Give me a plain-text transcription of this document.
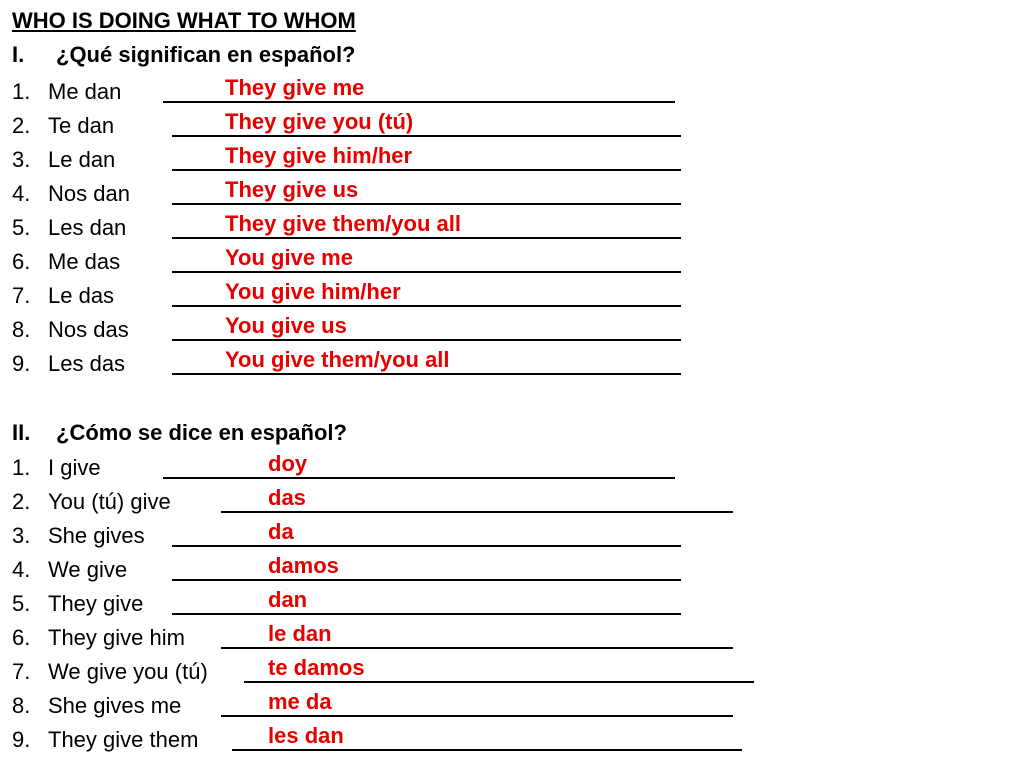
WHO IS DOING WHAT TO WHOM
I. ¿Qué significan en español?
1. Me dan	They give me
2. Te dan	They give you (tú)
3. Le dan	They give him/her
4. Nos dan	They give us
5. Les dan	They give them/you all
6. Me das	You give me
7. Le das	You give him/her
8. Nos das	You give us
9. Les das	You give them/you all
II. ¿Cómo se dice en español?
1. I give	doy
2. You (tú) give	das
3. She gives	da
4. We give	damos
5. They give	dan
6. They give him	le dan
7. We give you (tú)	te damos
8. She gives me	me da
9. They give them	les dan
